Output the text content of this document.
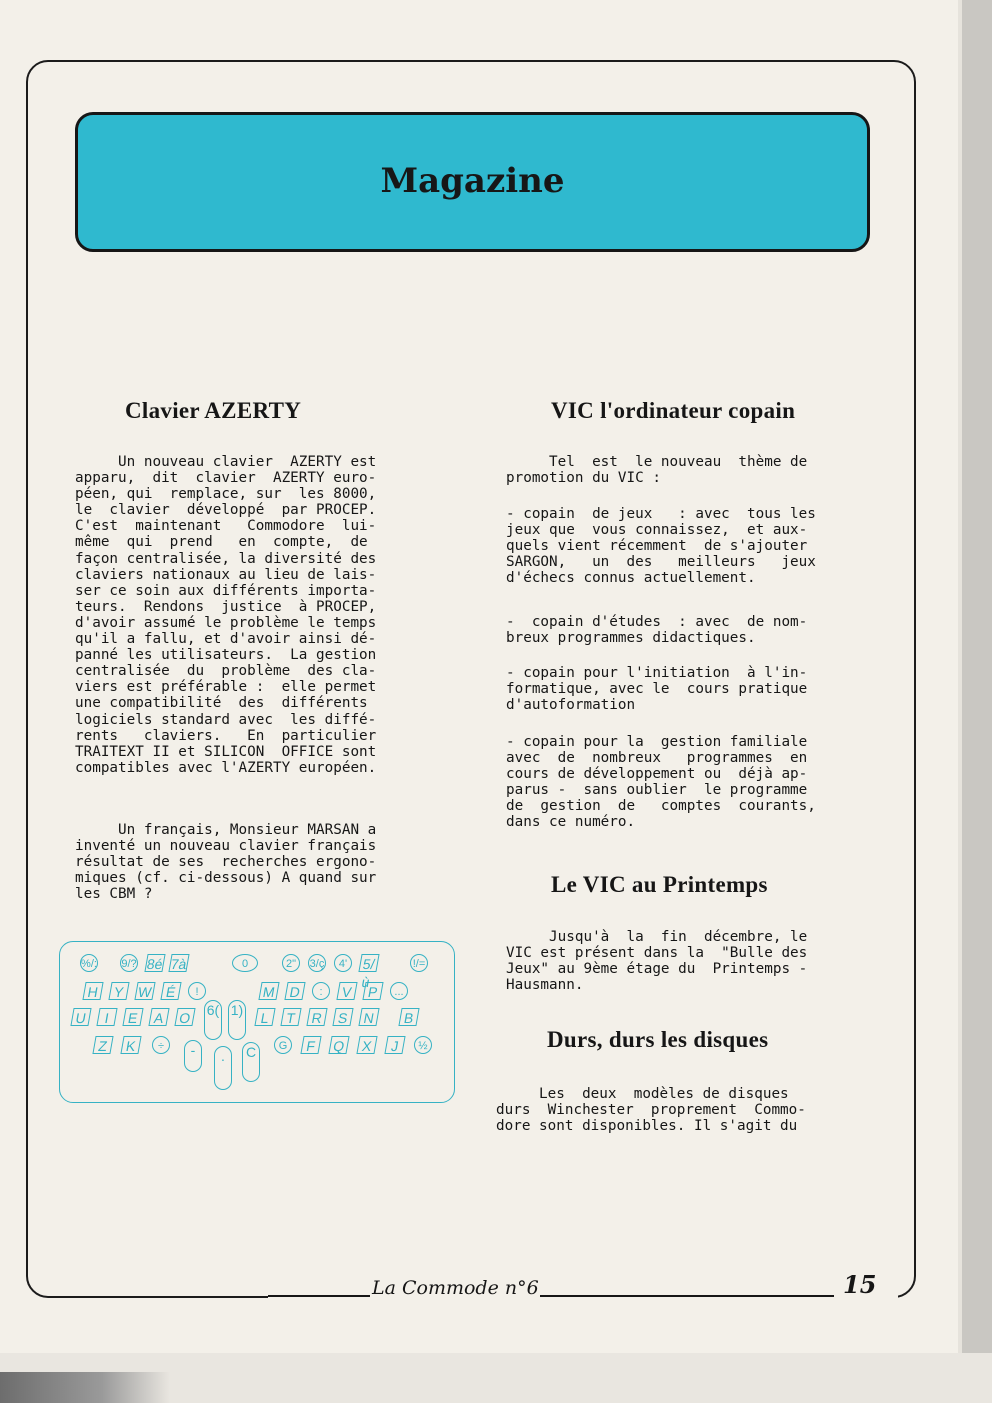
Magazine
Clavier AZERTY
Un nouveau clavier  AZERTY est
apparu,  dit  clavier  AZERTY euro-
péen, qui  remplace, sur  les 8000,
le  clavier  développé  par PROCEP.
C'est  maintenant   Commodore  lui-
même  qui  prend   en  compte,  de
façon centralisée, la diversité des
claviers nationaux au lieu de lais-
ser ce soin aux différents importa-
teurs.  Rendons  justice  à PROCEP,
d'avoir assumé le problème le temps
qu'il a fallu, et d'avoir ainsi dé-
panné les utilisateurs.  La gestion
centralisée  du  problème  des cla-
viers est préférable :  elle permet
une compatibilité  des  différents
logiciels standard avec  les diffé-
rents   claviers.   En  particulier
TRAITEXT II et SILICON  OFFICE sont
compatibles avec l'AZERTY européen.
Un français, Monsieur MARSAN a
inventé un nouveau clavier français
résultat de ses  recherches ergono-
miques (cf. ci-dessous) A quand sur
les CBM ?
%/: 9/? 8é 7à	0	2"	3/ç	4'	5/ù
!/=
H Y W É	!	M D	:	V P	...
U	I	E A O 6( 1)	L	T R S N	B
Z	K	÷	-	.	C	G	F	Q	X	J	½
VIC l'ordinateur copain
Tel  est  le nouveau  thème de
promotion du VIC :
- copain  de jeux   : avec  tous les
jeux que  vous connaissez,  et aux-
quels vient récemment  de s'ajouter
SARGON,   un  des   meilleurs   jeux
d'échecs connus actuellement.
-  copain d'études  : avec  de nom-
breux programmes didactiques.
- copain pour l'initiation  à l'in-
formatique, avec le  cours pratique
d'autoformation
- copain pour la  gestion familiale
avec  de  nombreux   programmes  en
cours de développement ou  déjà ap-
parus -  sans oublier  le programme
de  gestion  de   comptes  courants,
dans ce numéro.
Le VIC au Printemps
Jusqu'à  la  fin  décembre, le
VIC est présent dans la  "Bulle des
Jeux" au 9ème étage du  Printemps -
Hausmann.
Durs, durs les disques
Les  deux  modèles de disques
durs  Winchester  proprement  Commo-
dore sont disponibles. Il s'agit du
La Commode n°6	15
